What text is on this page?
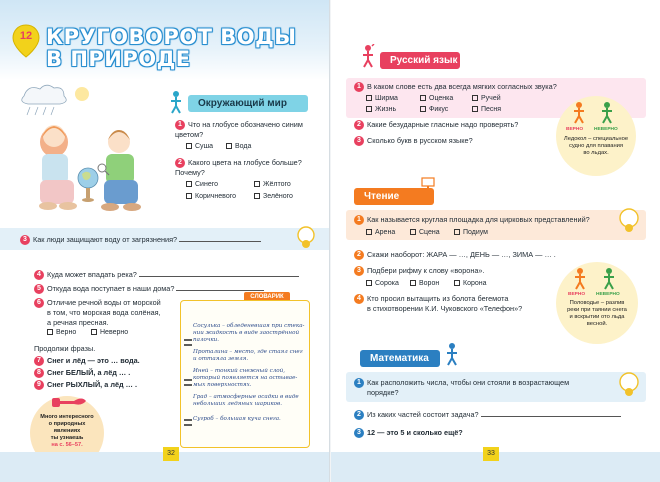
12 КРУГОВОРОТ ВОДЫ
В ПРИРОДЕ
Окружающий мир
1 Что на глобусе обозначено синим цветом?
Суша	Вода
2 Какого цвета на глобусе больше? Почему?
Синего	Жёлтого
Коричневого	Зелёного
3 Как люди защищают воду от загрязнения?
4 Куда может впадать река?
5 Откуда вода поступает в наши дома?
6 Отличие речной воды от морской
в том, что морская вода солёная,
а речная пресная.
Верно	Неверно
Продолжи фразы.
7 Снег и лёд — это … вода.
8 Снег БЕЛЫЙ, а лёд … .
9 Снег РЫХЛЫЙ, а лёд … .
Много интересного
о природных
явлениях
ты узнаешь
на с. 56–57.
СЛОВАРИК
Сосулька – обледеневшая при стека-
нии жидкость в виде заострённой
палочки.
Проталина – место, где стаял снег
и оттаяла земля.
Иней – тонкий снежный слой,
который появляется на остывае-
мых поверхностях.
Град – атмосферные осадки в виде
небольших ледяных шариков.
Сугроб – большая куча снега.
32	33
Русский язык
1 В каком слове есть два всегда мягких согласных звука?
Ширма	Оценка	Ручей
Жизнь	Фикус	Песня
2 Какие безударные гласные надо проверять?
3 Сколько букв в русском языке?
ВЕРНО НЕВЕРНО
Ледокол – специальное
судно для плавания
во льдах.
Чтение
1 Как называется круглая площадка для цирковых представлений?
Арена	Сцена	Подиум
2 Скажи наоборот: ЖАРА — …, ДЕНЬ — …, ЗИМА — … .
3 Подбери рифму к слову «ворона».
Сорока	Ворон	Корона
4 Кто просил вытащить из болота бегемота
в стихотворении К.И. Чуковского «Телефон»?
ВЕРНО НЕВЕРНО
Половодье – разлив
реки при таянии снега
и вскрытии ото льда
весной.
Математика
1 Как расположить числа, чтобы они стояли в возрастающем
порядке?
2 Из каких частей состоит задача?
3 12 — это 5 и сколько ещё?
